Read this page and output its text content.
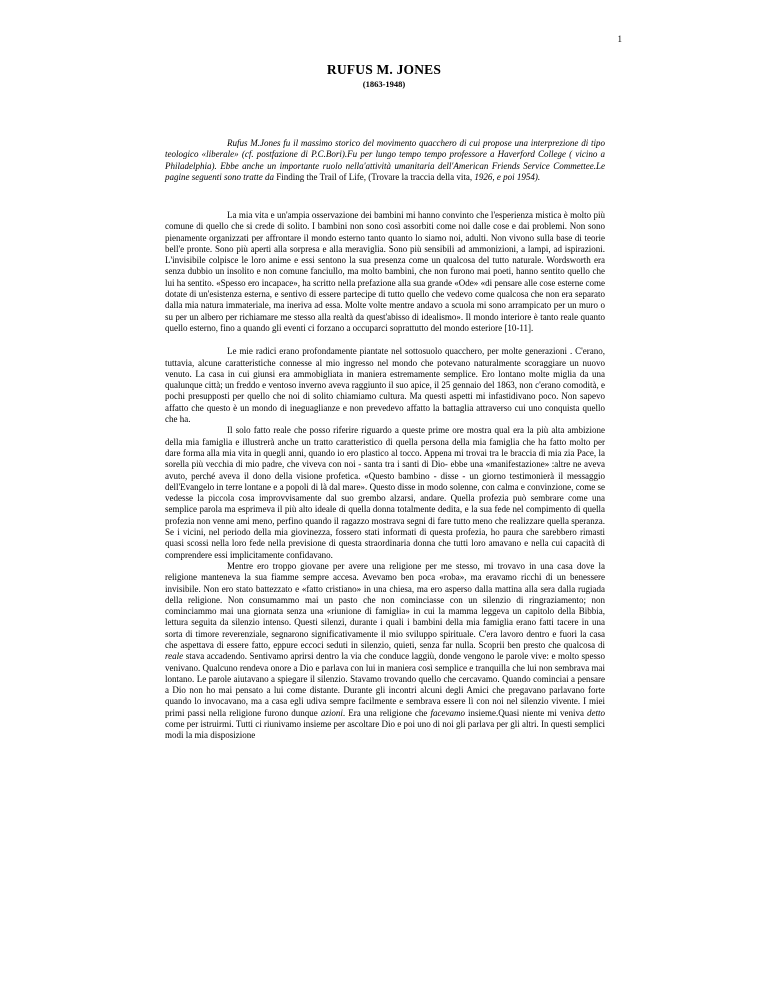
1
RUFUS M. JONES
(1863-1948)

Rufus M.Jones fu il massimo storico del movimento quacchero di cui propose una interprezione di tipo teologico «liberale» (cf. postfazione di P.C.Bori).Fu per lungo tempo tempo professore a Haverford College ( vicino a Philadelphia). Ebbe anche un importante ruolo nella'attività umanitaria dell'American Friends Service Commettee.Le pagine seguenti sono tratte da Finding the Trail of Life, (Trovare la traccia della vita, 1926, e poi 1954).

La mia vita e un'ampia osservazione dei bambini mi hanno convinto che l'esperienza mistica è molto più comune di quello che si crede di solito. I bambini non sono così assorbiti come noi dalle cose e dai problemi. Non sono pienamente organizzati per affrontare il mondo esterno tanto quanto lo siamo noi, adulti. Non vivono sulla base di teorie bell'e pronte. Sono più aperti alla sorpresa e alla meraviglia. Sono più sensibili ad ammonizioni, a lampi, ad ispirazioni. L'invisibile colpisce le loro anime e essi sentono la sua presenza come un qualcosa del tutto naturale. Wordsworth era senza dubbio un insolito e non comune fanciullo, ma molto bambini, che non furono mai poeti, hanno sentito quello che lui ha sentito. «Spesso ero incapace», ha scritto nella prefazione alla sua grande «Ode» «di pensare alle cose esterne come dotate di un'esistenza esterna, e sentivo di essere partecipe di tutto quello che vedevo come qualcosa che non era separato dalla mia natura immateriale, ma ineriva ad essa. Molte volte mentre andavo a scuola mi sono arrampicato per un muro o su per un albero per richiamare me stesso alla realtà da quest'abisso di idealismo». Il mondo interiore è tanto reale quanto quello esterno, fino a quando gli eventi ci forzano a occuparci soprattutto del mondo esteriore [10-11].

Le mie radici erano profondamente piantate nel sottosuolo quacchero, per molte generazioni . C'erano, tuttavia, alcune caratteristiche connesse al mio ingresso nel mondo che potevano naturalmente scoraggiare un nuovo venuto. La casa in cui giunsi era ammobigliata in maniera estremamente semplice. Ero lontano molte miglia da una qualunque città; un freddo e ventoso inverno aveva raggiunto il suo apice, il 25 gennaio del 1863, non c'erano comodità, e pochi presupposti per quello che noi di solito chiamiamo cultura. Ma questi aspetti mi infastidivano poco. Non sapevo affatto che questo è un mondo di ineguaglianze e non prevedevo affatto la battaglia attraverso cui uno conquista quello che ha.

Il solo fatto reale che posso riferire riguardo a queste prime ore mostra qual era la più alta ambizione della mia famiglia e illustrerà anche un tratto caratteristico di quella persona della mia famiglia che ha fatto molto per dare forma alla mia vita in quegli anni, quando io ero plastico al tocco. Appena mi trovai tra le braccia di mia zia Pace, la sorella più vecchia di mio padre, che viveva con noi - santa tra i santi di Dio- ebbe una «manifestazione» :altre ne aveva avuto, perché aveva il dono della visione profetica. «Questo bambino - disse - un giorno testimonierà il messaggio dell'Evangelo in terre lontane e a popoli di là dal mare». Questo disse in modo solenne, con calma e convinzione, come se vedesse la piccola cosa improvvisamente dal suo grembo alzarsi, andare. Quella profezia può sembrare come una semplice parola ma esprimeva il più alto ideale di quella donna totalmente dedita, e la sua fede nel compimento di quella profezia non venne ami meno, perfino quando il ragazzo mostrava segni di fare tutto meno che realizzare quella speranza. Se i vicini, nel periodo della mia giovinezza, fossero stati informati di questa profezia, ho paura che sarebbero rimasti quasi scossi nella loro fede nella previsione di questa straordinaria donna che tutti loro amavano e nella cui capacità di comprendere essi implicitamente confidavano.

Mentre ero troppo giovane per avere una religione per me stesso, mi trovavo in una casa dove la religione manteneva la sua fiamme sempre accesa. Avevamo ben poca «roba», ma eravamo ricchi di un benessere invisibile. Non ero stato battezzato e «fatto cristiano» in una chiesa, ma ero asperso dalla mattina alla sera dalla rugiada della religione. Non consumammo mai un pasto che non cominciasse con un silenzio di ringraziamento; non cominciammo mai una giornata senza una «riunione di famiglia» in cui la mamma leggeva un capitolo della Bibbia, lettura seguita da silenzio intenso. Questi silenzi, durante i quali i bambini della mia famiglia erano fatti tacere in una sorta di timore reverenziale, segnarono significativamente il mio sviluppo spirituale. C'era lavoro dentro e fuori la casa che aspettava di essere fatto, eppure eccoci seduti in silenzio, quieti, senza far nulla. Scoprii ben presto che qualcosa di reale stava accadendo. Sentivamo aprirsi dentro la via che conduce laggiù, donde vengono le parole vive: e molto spesso venivano. Qualcuno rendeva onore a Dio e parlava con lui in maniera così semplice e tranquilla che lui non sembrava mai lontano. Le parole aiutavano a spiegare il silenzio. Stavamo trovando quello che cercavamo. Quando cominciai a pensare a Dio non ho mai pensato a lui come distante. Durante gli incontri alcuni degli Amici che pregavano parlavano forte quando lo invocavano, ma a casa egli udiva sempre facilmente e sembrava essere lì con noi nel silenzio vivente. I miei primi passi nella religione furono dunque azioni. Era una religione che facevamo insieme.Quasi niente mi veniva detto come per istruirmi. Tutti ci riunivamo insieme per ascoltare Dio e poi uno di noi gli parlava per gli altri. In questi semplici modi la mia disposizione
